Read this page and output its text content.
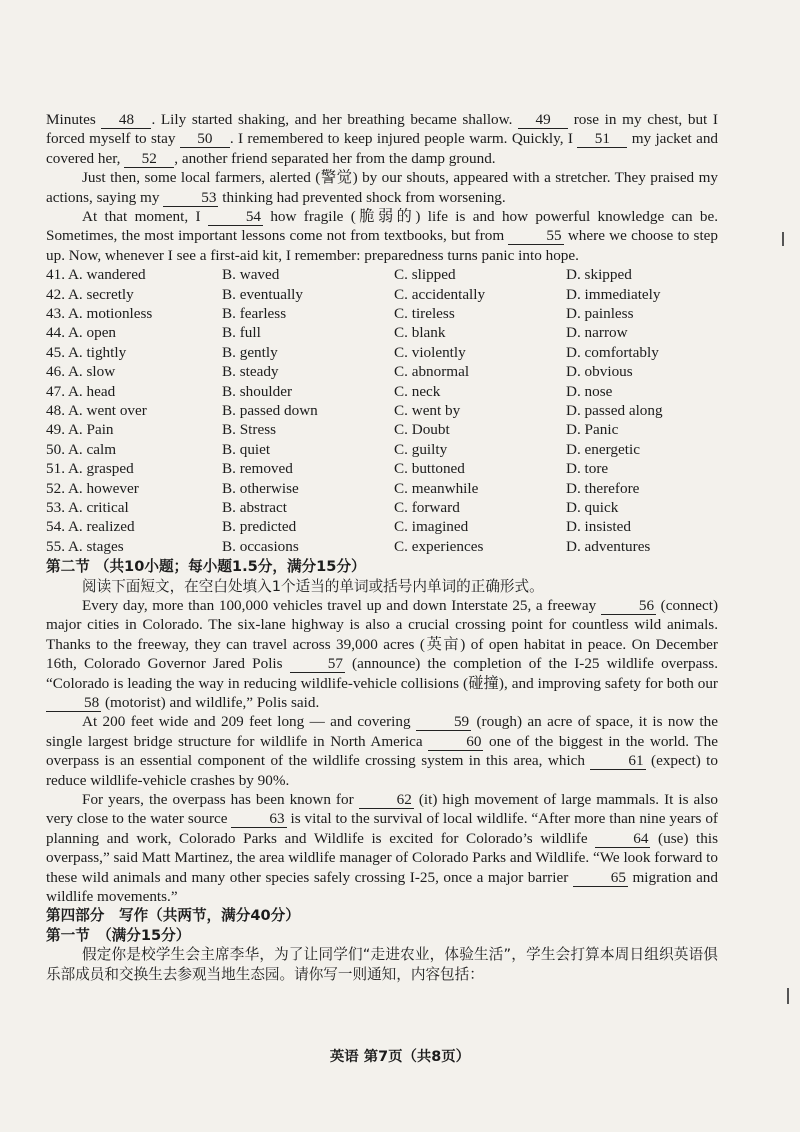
Minutes 48 . Lily started shaking, and her breathing became shallow. 49 rose in my chest, but I forced myself to stay 50 . I remembered to keep injured people warm. Quickly, I 51 my jacket and covered her, 52 , another friend separated her from the damp ground.

Just then, some local farmers, alerted (警觉) by our shouts, appeared with a stretcher. They praised my actions, saying my	53 thinking had prevented shock from worsening.

At that moment, I	54 how fragile (脆弱的) life is and how powerful knowledge can be. Sometimes, the most important lessons come not from textbooks, but from	55 where we choose to step up. Now, whenever I see a first-aid kit, I remember: preparedness turns panic into hope.

41. A. wandered	B. waved	C. slipped	D. skipped
42. A. secretly	B. eventually	C. accidentally	D. immediately
43. A. motionless	B. fearless	C. tireless	D. painless
44. A. open	B. full	C. blank	D. narrow
45. A. tightly	B. gently	C. violently	D. comfortably
46. A. slow	B. steady	C. abnormal	D. obvious
47. A. head	B. shoulder	C. neck	D. nose
48. A. went over	B. passed down	C. went by	D. passed along
49. A. Pain	B. Stress	C. Doubt	D. Panic
50. A. calm	B. quiet	C. guilty	D. energetic
51. A. grasped	B. removed	C. buttoned	D. tore
52. A. however	B. otherwise	C. meanwhile	D. therefore
53. A. critical	B. abstract	C. forward	D. quick
54. A. realized	B. predicted	C. imagined	D. insisted
55. A. stages	B. occasions	C. experiences	D. adventures

第二节 （共10小题；每小题1.5分，满分15分）

阅读下面短文，在空白处填入1个适当的单词或括号内单词的正确形式。

Every day, more than 100,000 vehicles travel up and down Interstate 25, a freeway	56 (connect) major cities in Colorado. The six-lane highway is also a crucial crossing point for countless wild animals. Thanks to the freeway, they can travel across 39,000 acres (英亩) of open habitat in peace. On December 16th, Colorado Governor Jared Polis	57 (announce) the completion of the I-25 wildlife overpass. “Colorado is leading the way in reducing wildlife-vehicle collisions (碰撞), and improving safety for both our 58 (motorist) and wildlife,” Polis said.

At 200 feet wide and 209 feet long — and covering	59 (rough) an acre of space, it is now the single largest bridge structure for wildlife in North America	60 one of the biggest in the world. The overpass is an essential component of the wildlife crossing system in this area, which	61 (expect) to reduce wildlife-vehicle crashes by 90%.

For years, the overpass has been known for	62 (it) high movement of large mammals. It is also very close to the water source	63 is vital to the survival of local wildlife. “After more than nine years of planning and work, Colorado Parks and Wildlife is excited for Colorado’s wildlife	64 (use) this overpass,” said Matt Martinez, the area wildlife manager of Colorado Parks and Wildlife. “We look forward to these wild animals and many other species safely crossing I-25, once a major barrier	65 migration and wildlife movements.”

第四部分　写作（共两节，满分40分）

第一节　（满分15分）

假定你是校学生会主席李华，为了让同学们“走进农业，体验生活”，学生会打算本周日组织英语俱乐部成员和交换生去参观当地生态园。请你写一则通知，内容包括：

英语 第7页（共8页）
